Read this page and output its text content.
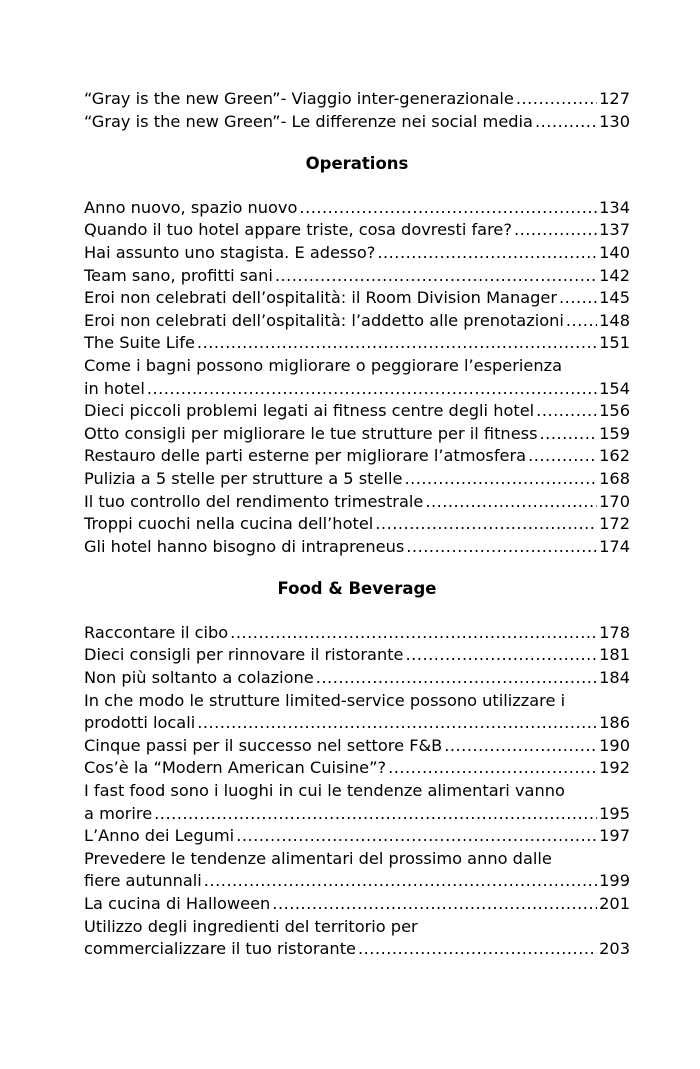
“Gray is the new Green”- Viaggio inter-generazionale .....	127
“Gray is the new Green”- Le differenze nei social media .....	130
Operations
Anno nuovo, spazio nuovo .....	134
Quando il tuo hotel appare triste, cosa dovresti fare? .....	137
Hai assunto uno stagista. E adesso? .....	140
Team sano, profitti sani .....	142
Eroi non celebrati dell’ospitalità: il Room Division Manager .....	145
Eroi non celebrati dell’ospitalità: l’addetto alle prenotazioni ..... 148
The Suite Life .....	151
Come i bagni possono migliorare o peggiorare l’esperienza
in hotel .....	154
Dieci piccoli problemi legati ai fitness centre degli hotel .....	156
Otto consigli per migliorare le tue strutture per il fitness .....	159
Restauro delle parti esterne per migliorare l’atmosfera .....	162
Pulizia a 5 stelle per strutture a 5 stelle .....	168
Il tuo controllo del rendimento trimestrale .....	170
Troppi cuochi nella cucina dell’hotel .....	172
Gli hotel hanno bisogno di intrapreneus .....	174
Food & Beverage
Raccontare il cibo .....	178
Dieci consigli per rinnovare il ristorante .....	181
Non più soltanto a colazione .....	184
In che modo le strutture limited-service possono utilizzare i
prodotti locali .....	186
Cinque passi per il successo nel settore F&B .....	190
Cos’è la “Modern American Cuisine”? .....	192
I fast food sono i luoghi in cui le tendenze alimentari vanno
a morire .....	195
L’Anno dei Legumi .....	197
Prevedere le tendenze alimentari del prossimo anno dalle
fiere autunnali .....	199
La cucina di Halloween .....	201
Utilizzo degli ingredienti del territorio per
commercializzare il tuo ristorante .....	203
